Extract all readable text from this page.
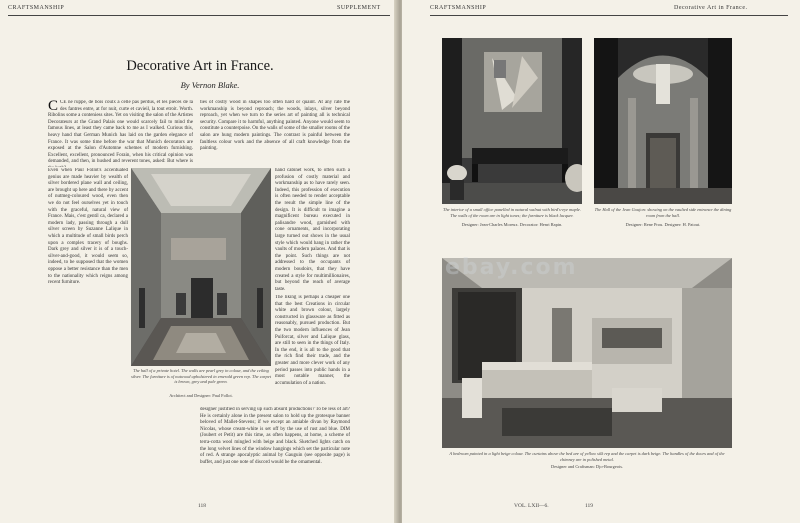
CRAFTSMANSHIP	SUPPLEMENT
Decorative Art in France.
By Vernon Blake.
CCE ne ruppe, de bois coulx a celle pas perdus, et les pieces de la des fantres entre, at for nuit, curte et cavieil, la tout etroit. Worth. Ribolins some a conteniess sites. Yet on visiting the salon of the Artistes Decorateurs at the Grand Palais one would scarcely fail to mind the famous lines, at least they came back to me as I walked. Curious this, heavy hand that German Munich has laid on the garden elegance of France. It was some time before the war that Munich decorators are exposed at the Salon d'Automne schemes of modern furnishing. Excellent, excellent, pronounced Forain, when his critical opinion was demanded, and then, in hushed and reverent tones, asked: But where is
Even when Paul Follot's accentuated genius are made heavier by wealth of silver bordered plane wall and ceiling, are brought up here and there by accent of nutmeg-coloured wood, even then we do not feel ourselves yet in touch with the graceful, natural view of France. Mais, c'est gentil ca, declared a modern lady, passing through a dull silver screen by Suzanne Lalique in which a multitude of small birds perch upon a complex tracery of boughs. Dark grey and silver it is of a touch-silver-and-good, it would seem so, indeed, to be supposed that the women oppose a better resistance than the men to the nationality which reigns among recent furniture.
ties of costly wood in shapes too often hard or quaint. At any rate the workmanship is beyond reproach; the woods, inlays, silver beyond reproach, yet when we turn to the series art of painting all is technical security. Compare it to harmful, anything painted. Anyone would seem to constitute a counterpoise. On the walls of some of the smaller rooms of the salon are hung modern paintings. The contrast is painful between the faultless colour work and the absence of all craft knowledge from the painting.
hand cabinet work, to often such a profusion of costly material and workmanship as to have rarely seen. Indeed, this profession of execution is often needed to render acceptable the result the simple line of the design. It is difficult to imagine a magnificent bureau executed in palisandre wood, garnished with cone ornaments, and incorporating large turned out shows in the usual style which would hang in rather the vaults of modern palaces. And that is the point. Such things are not addressed to the occupants of modern boudoirs, that they have created a style for multimillionaires, but beyond the reach of average taste.
The liking is perhaps a cheaper one that the best Creations in circular white and brown colour, largely constructed in glassware as fitted as reasonably, pursued production. But the two modern influences of Jean Puiforcat, silver and Lalique glass, are still to seen in the things of Italy. In the end, it is all to the good that the rich find their trade, and the greater and more clever work of any period passes into public hands in a most notable manner, the accumulation of a nation.
designer justified in serving up such absurd productions? To be less of art? He is certainly alone in the present salon to hold up the grotesque banner beloved of Mallet-Stevens; if we except an amiable divan by Raymond Nicolas, whose cream-white is set off by the use of rust and blue. DIM (Joubert et Petit) are this time, as often happens, at home, a scheme of terra-cotta wool mingled with beige and black. Sketched lights catch on the long velvet lines of the window hangings which set the particular note of red. A strange apocalyptic animal by Gauguin (see opposite page) is buffet, and just one note of discord would be the ornamental.
The hall of a private hotel. The walls are pearl grey in colour, and the ceiling silver. The furniture is of nutwood upholstered in emerald green rep. The carpet is brown, grey and pale green.
Architect and Designer: Paul Follot.
118
CRAFTSMANSHIP	Decorative Art in France.
The interior of a small office panelled in natural walnut with bird's-eye maple. The walls of the room are in light tones; the furniture is black lacquer.
Designer: Jean-Charles Moreux. Decorator: Henri Rapin.
The Hall of the Jean Goujon: showing on the vaulted side entrance the dining room from the hall.
Designer: Rene Prou. Designer: H. Patout.
A bedroom painted in a light beige colour. The curtains above the bed are of yellow silk rep and the carpet is dark beige. The handles of the doors and of the chimney are in polished metal.
Designer and Craftsman: Djo-Bourgeois.
VOL. LXII—6.	119
ebay.com
